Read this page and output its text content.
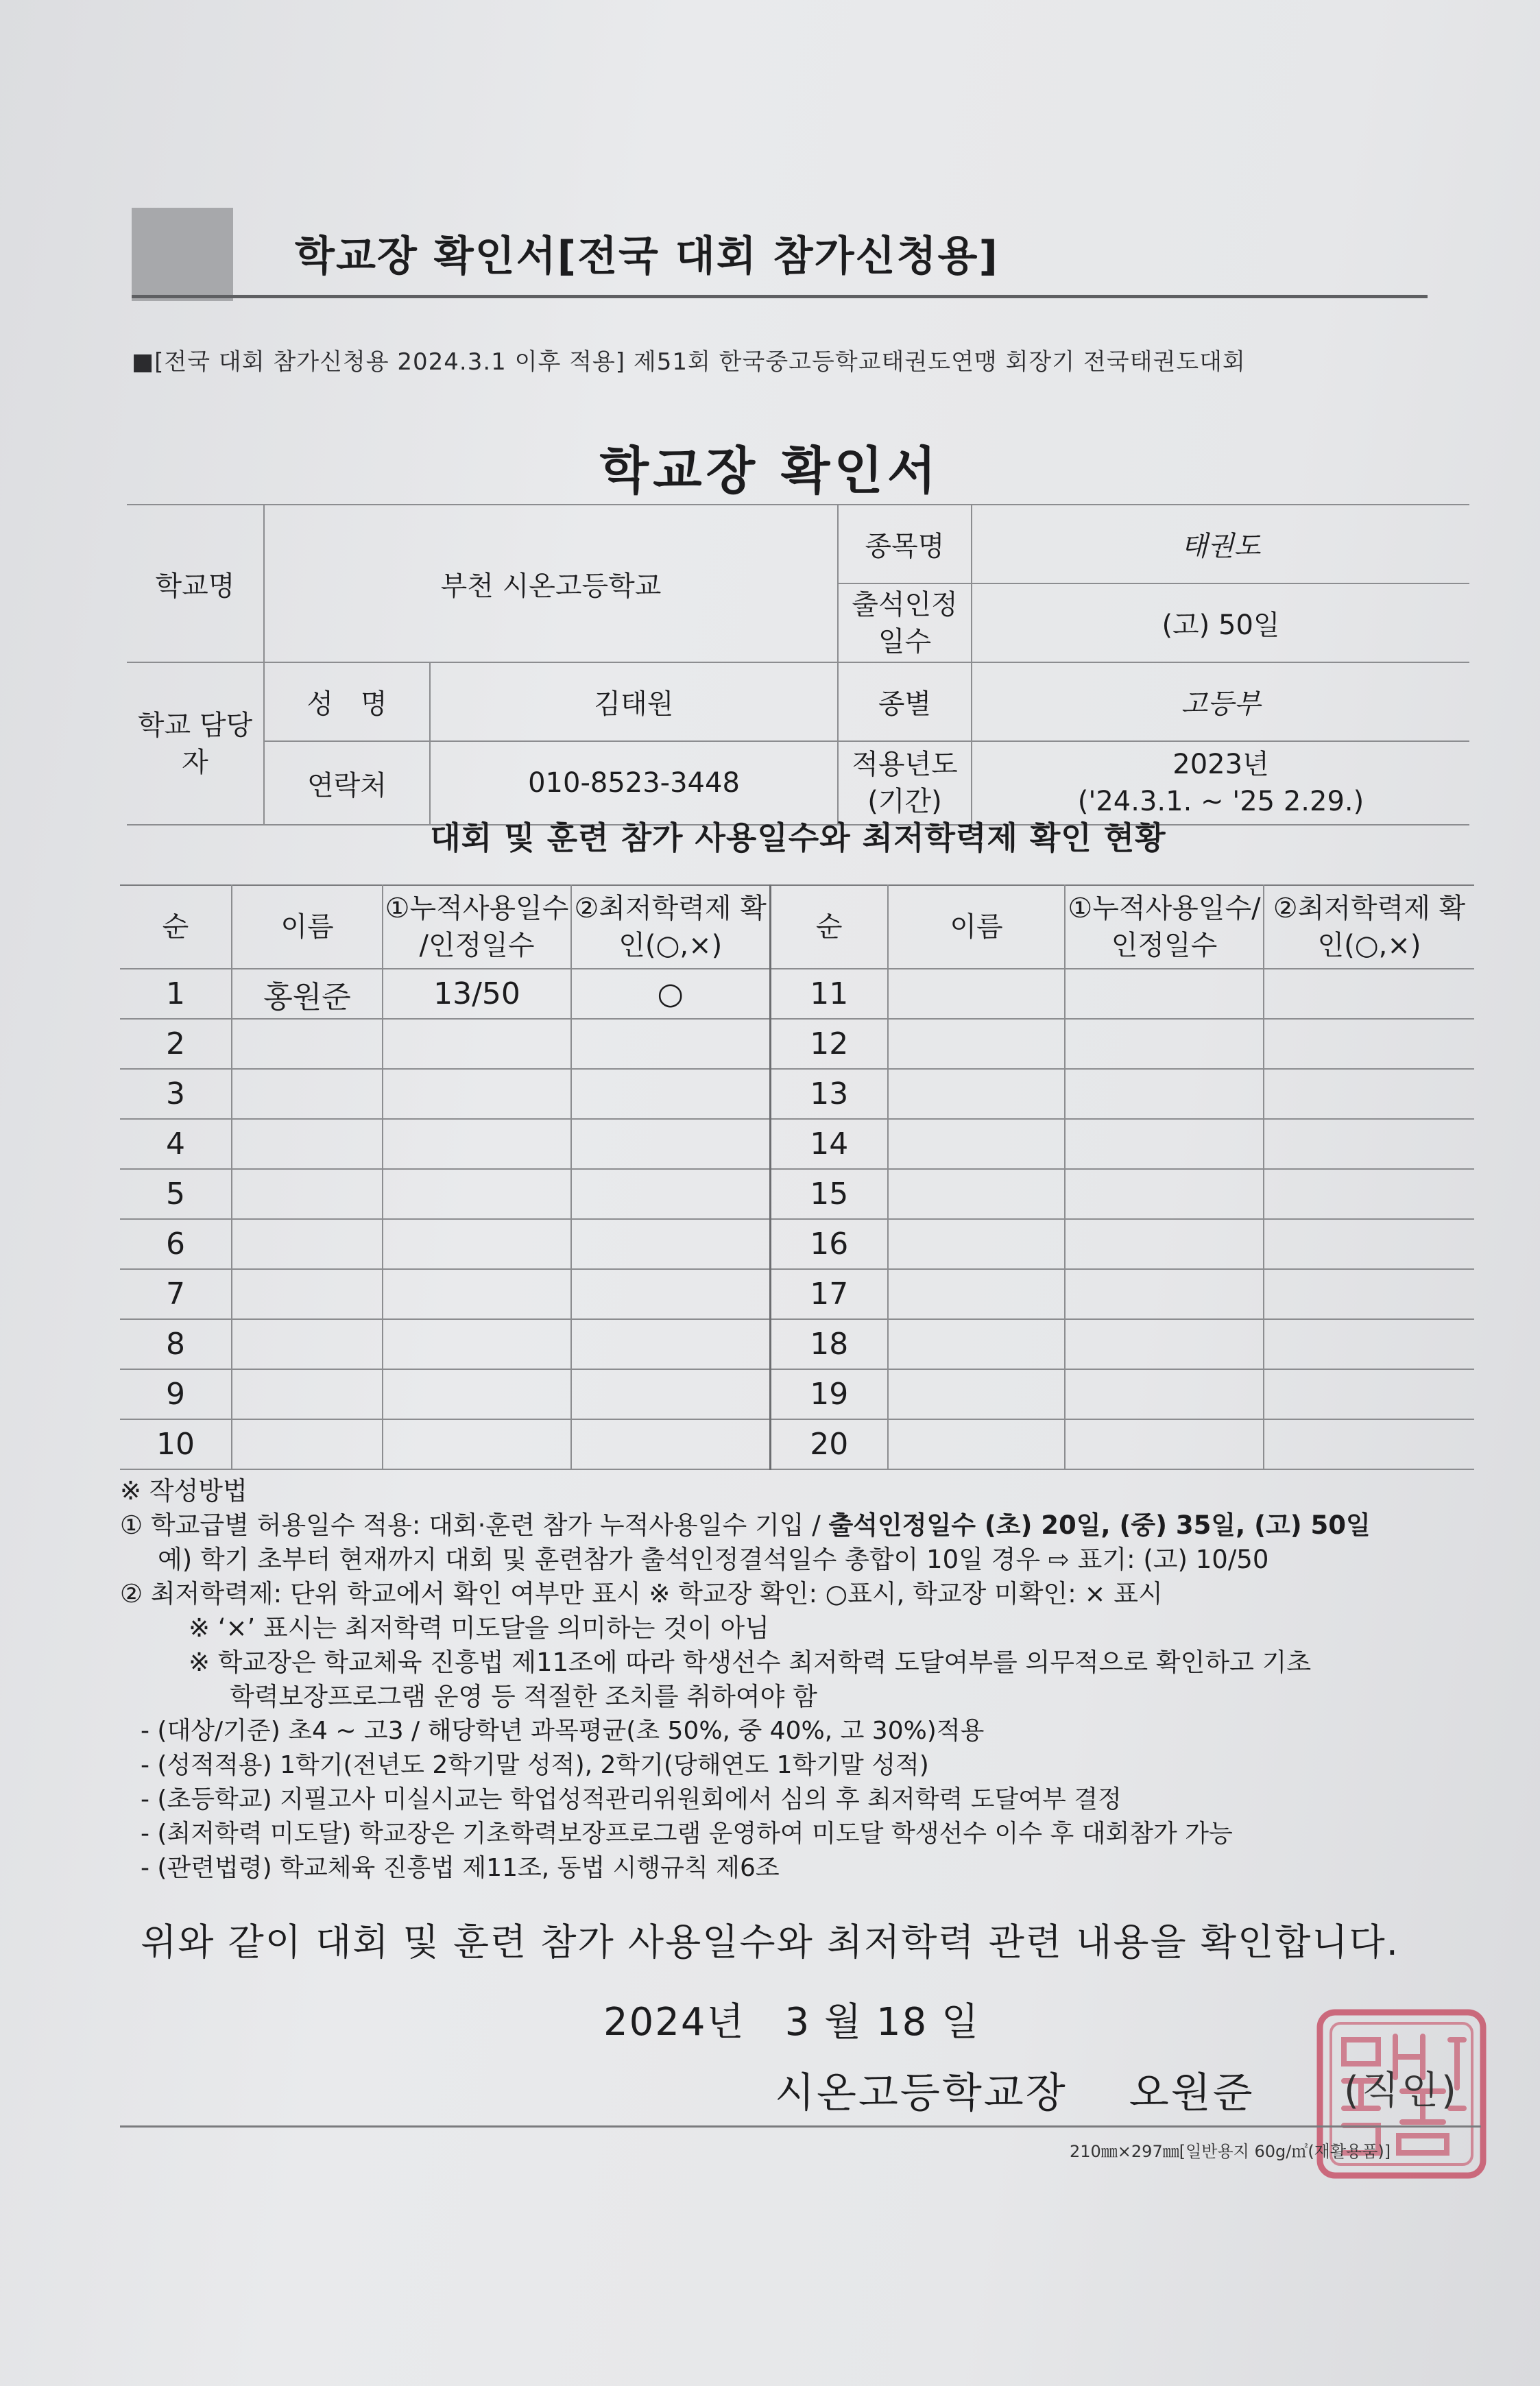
학교장 확인서[전국 대회 참가신청용]
■[전국 대회 참가신청용 2024.3.1 이후 적용] 제51회 한국중고등학교태권도연맹 회장기 전국태권도대회
학교장 확인서
학교명	부천 시온고등학교		종목명	태권도
			출석인정 일수	(고) 50일
학교 담당자	성　명	김태원	종별	고등부
	연락처	010-8523-3448	적용년도 (기간)	2023년
('24.3.1. ~ '25 2.29.)
대회 및 훈련 참가 사용일수와 최저학력제 확인 현황
순	이름	①누적사용일수 /인정일수	②최저학력제 확인(○,×)	순	이름	①누적사용일수/ 인정일수	②최저학력제 확인(○,×)
1	홍원준	13/50	○	11			
2				12			
3				13			
4				14			
5				15			
6				16			
7				17			
8				18			
9				19			
10				20			
※ 작성방법
① 학교급별 허용일수 적용: 대회·훈련 참가 누적사용일수 기입 / 출석인정일수 (초) 20일, (중) 35일, (고) 50일
예) 학기 초부터 현재까지 대회 및 훈련참가 출석인정결석일수 총합이 10일 경우 ⇨ 표기: (고) 10/50
② 최저학력제: 단위 학교에서 확인 여부만 표시 ※ 학교장 확인: ○표시, 학교장 미확인: × 표시
※ ‘×’ 표시는 최저학력 미도달을 의미하는 것이 아님
※ 학교장은 학교체육 진흥법 제11조에 따라 학생선수 최저학력 도달여부를 의무적으로 확인하고 기초
학력보장프로그램 운영 등 적절한 조치를 취하여야 함
- (대상/기준) 초4 ~ 고3 / 해당학년 과목평균(초 50%, 중 40%, 고 30%)적용
- (성적적용) 1학기(전년도 2학기말 성적), 2학기(당해연도 1학기말 성적)
- (초등학교) 지필고사 미실시교는 학업성적관리위원회에서 심의 후 최저학력 도달여부 결정
- (최저학력 미도달) 학교장은 기초학력보장프로그램 운영하여 미도달 학생선수 이수 후 대회참가 가능
- (관련법령) 학교체육 진흥법 제11조, 동법 시행규칙 제6조
위와 같이 대회 및 훈련 참가 사용일수와 최저학력 관련 내용을 확인합니다.
2024년　3 월 18 일
시온고등학교장 오원준 (직인)
210㎜×297㎜[일반용지 60g/㎡(재활용품)]
